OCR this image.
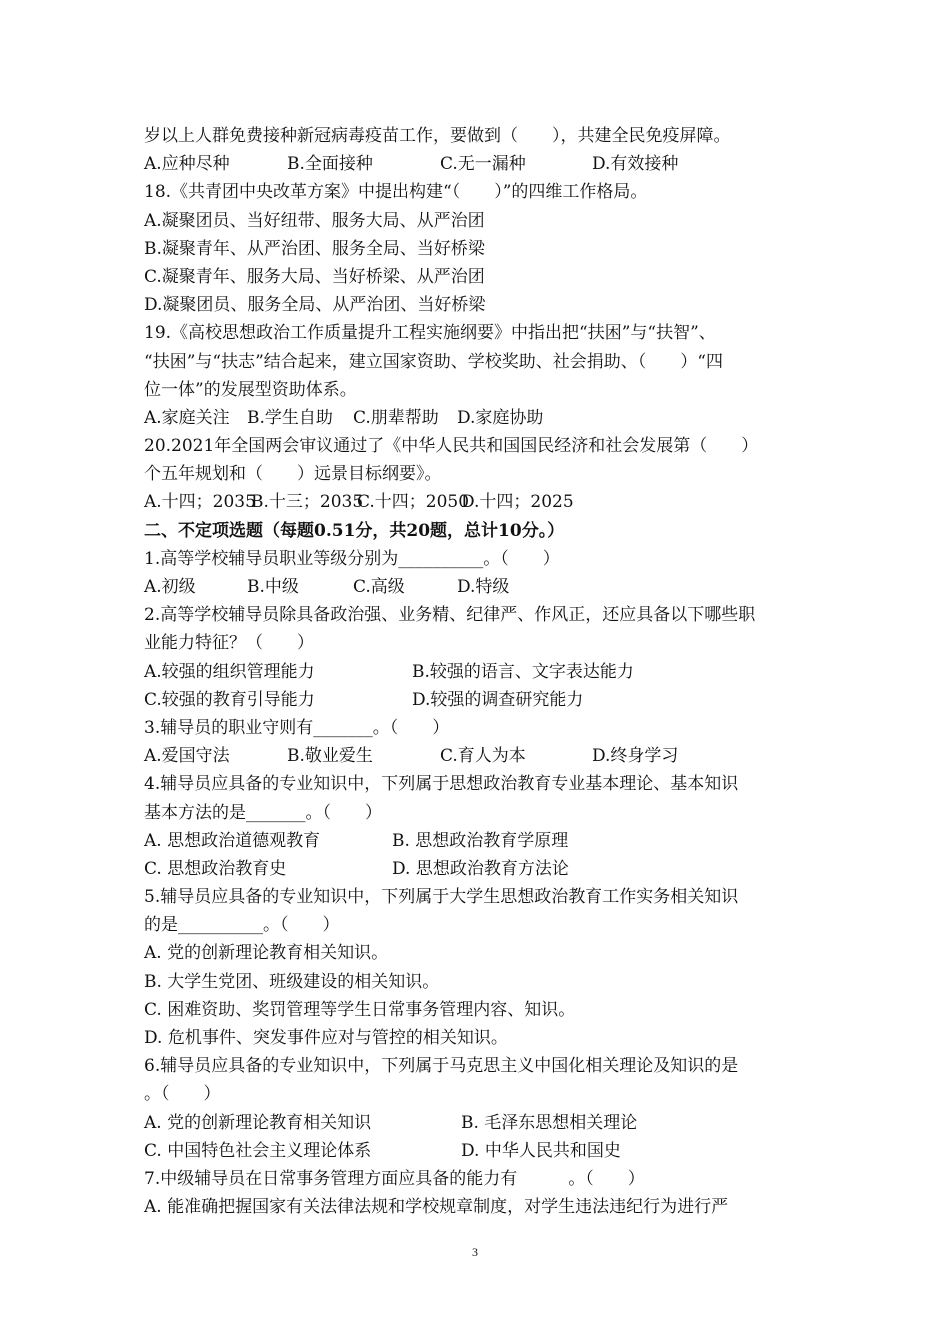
岁以上人群免费接种新冠病毒疫苗工作，要做到（　　），共建全民免疫屏障。
A.应种尽种	B.全面接种	C.无一漏种	D.有效接种
18.《共青团中央改革方案》中提出构建“（　　）”的四维工作格局。
A.凝聚团员、当好纽带、服务大局、从严治团
B.凝聚青年、从严治团、服务全局、当好桥梁
C.凝聚青年、服务大局、当好桥梁、从严治团
D.凝聚团员、服务全局、从严治团、当好桥梁
19.《高校思想政治工作质量提升工程实施纲要》中指出把“扶困”与“扶智”、
“扶困”与“扶志”结合起来，建立国家资助、学校奖助、社会捐助、（　　）“四
位一体”的发展型资助体系。
A.家庭关注	B.学生自助	C.朋辈帮助	D.家庭协助
20.2021年全国两会审议通过了《中华人民共和国国民经济和社会发展第（　　）
个五年规划和（　　）远景目标纲要》。
A.十四；2035
B.十三；2035
C.十四；2050
D.十四；2025
二、不定项选题（每题0.51分，共20题，总计10分。）
1.高等学校辅导员职业等级分别为__________。（　　）
A.初级	B.中级	C.高级	D.特级
2.高等学校辅导员除具备政治强、业务精、纪律严、作风正，还应具备以下哪些职
业能力特征？（　　）
A.较强的组织管理能力	B.较强的语言、文字表达能力
C.较强的教育引导能力	D.较强的调查研究能力
3.辅导员的职业守则有_______。（　　）
A.爱国守法	B.敬业爱生	C.育人为本	D.终身学习
4.辅导员应具备的专业知识中，下列属于思想政治教育专业基本理论、基本知识
基本方法的是_______。（　　）
A. 思想政治道德观教育	B. 思想政治教育学原理
C. 思想政治教育史	D. 思想政治教育方法论
5.辅导员应具备的专业知识中，下列属于大学生思想政治教育工作实务相关知识
的是__________。（　　）
A. 党的创新理论教育相关知识。
B. 大学生党团、班级建设的相关知识。
C. 困难资助、奖罚管理等学生日常事务管理内容、知识。
D. 危机事件、突发事件应对与管控的相关知识。
6.辅导员应具备的专业知识中，下列属于马克思主义中国化相关理论及知识的是
。（　　）
A. 党的创新理论教育相关知识	B. 毛泽东思想相关理论
C. 中国特色社会主义理论体系	D. 中华人民共和国史
7.中级辅导员在日常事务管理方面应具备的能力有　　　。（　　）
A. 能准确把握国家有关法律法规和学校规章制度，对学生违法违纪行为进行严
3
